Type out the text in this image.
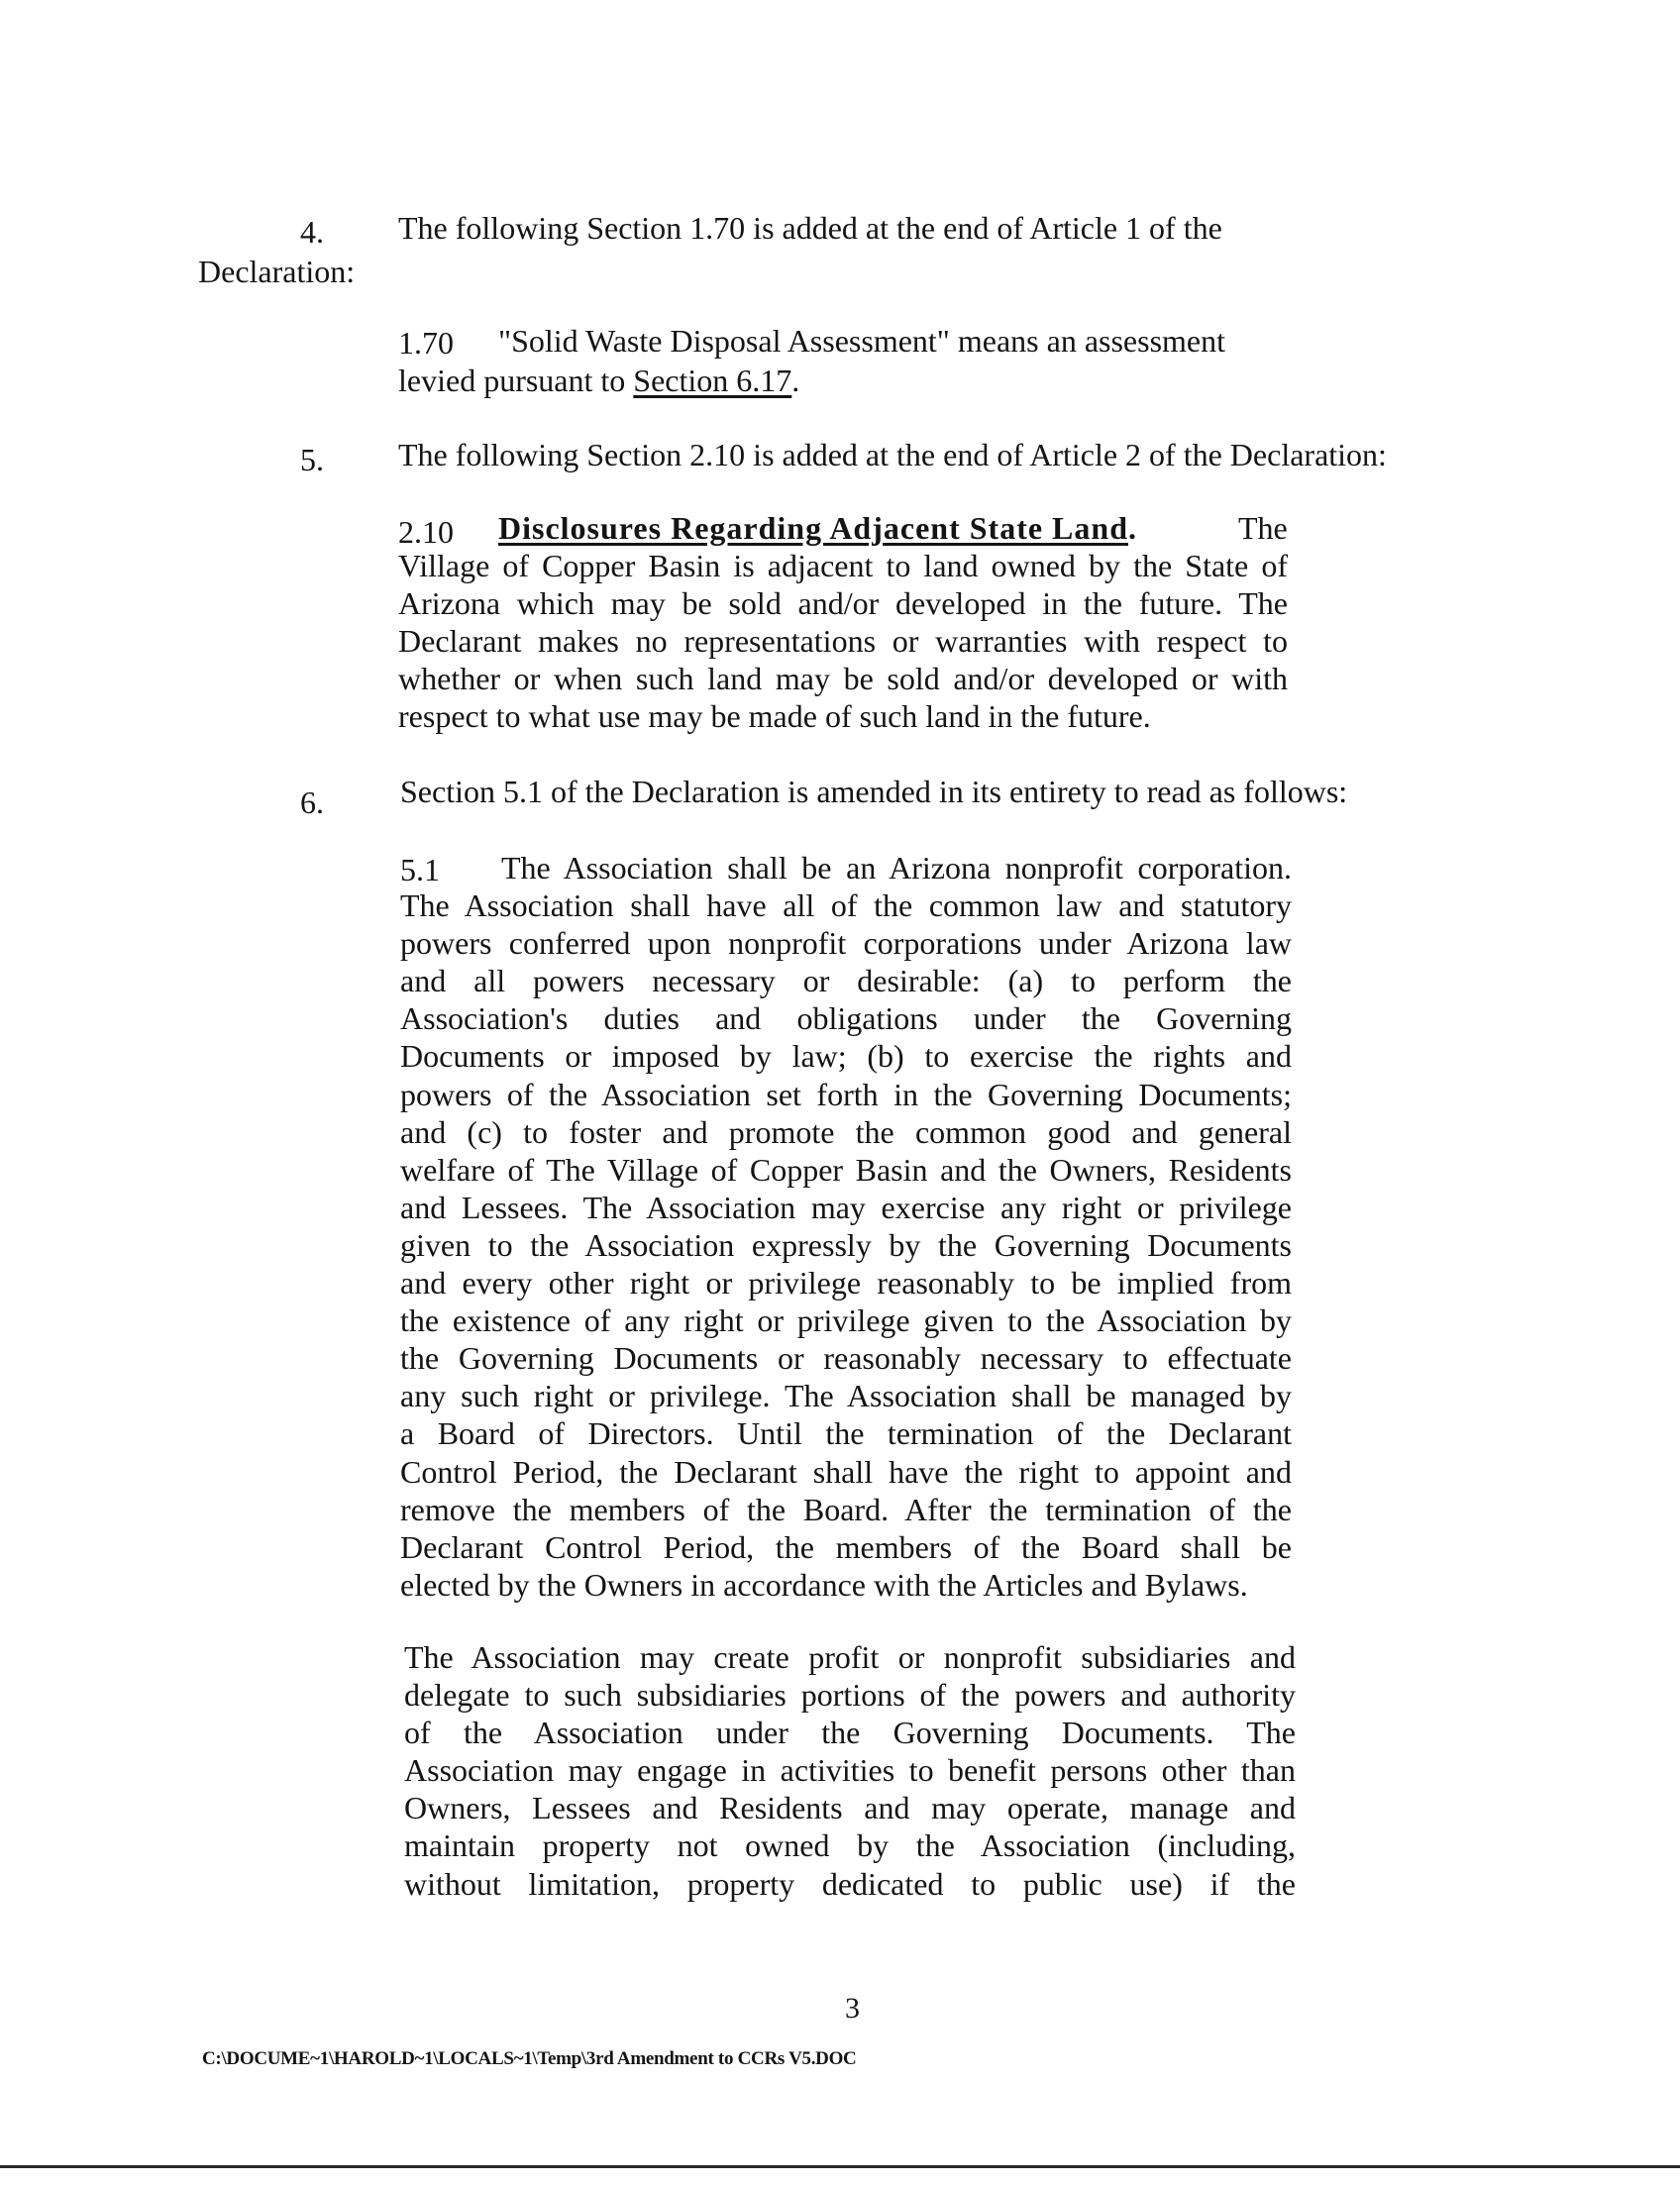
4. The following Section 1.70 is added at the end of Article 1 of the
Declaration:
1.70 "Solid Waste Disposal Assessment" means an assessment
levied pursuant to Section 6.17.
5. The following Section 2.10 is added at the end of Article 2 of the Declaration:
2.10 Disclosures Regarding Adjacent State Land.	The

Village of Copper Basin is adjacent to land owned by the State of

Arizona which may be sold and/or developed in the future. The

Declarant makes no representations or warranties with respect to

whether or when such land may be sold and/or developed or with

respect to what use may be made of such land in the future.

6. Section 5.1 of the Declaration is amended in its entirety to read as follows:
5.1	The Association shall be an Arizona nonprofit corporation.

The Association shall have all of the common law and statutory

powers conferred upon nonprofit corporations under Arizona law

and all powers necessary or desirable: (a) to perform the

Association's duties and obligations under the Governing

Documents or imposed by law; (b) to exercise the rights and

powers of the Association set forth in the Governing Documents;

and (c) to foster and promote the common good and general

welfare of The Village of Copper Basin and the Owners, Residents

and Lessees. The Association may exercise any right or privilege

given to the Association expressly by the Governing Documents

and every other right or privilege reasonably to be implied from

the existence of any right or privilege given to the Association by

the Governing Documents or reasonably necessary to effectuate

any such right or privilege. The Association shall be managed by

a Board of Directors. Until the termination of the Declarant

Control Period, the Declarant shall have the right to appoint and

remove the members of the Board. After the termination of the

Declarant Control Period, the members of the Board shall be

elected by the Owners in accordance with the Articles and Bylaws.

The Association may create profit or nonprofit subsidiaries and

delegate to such subsidiaries portions of the powers and authority

of the Association under the Governing Documents. The

Association may engage in activities to benefit persons other than

Owners, Lessees and Residents and may operate, manage and

maintain property not owned by the Association (including,

without limitation, property dedicated to public use) if the

3
C:\DOCUME~1\HAROLD~1\LOCALS~1\Temp\3rd Amendment to CCRs V5.DOC
